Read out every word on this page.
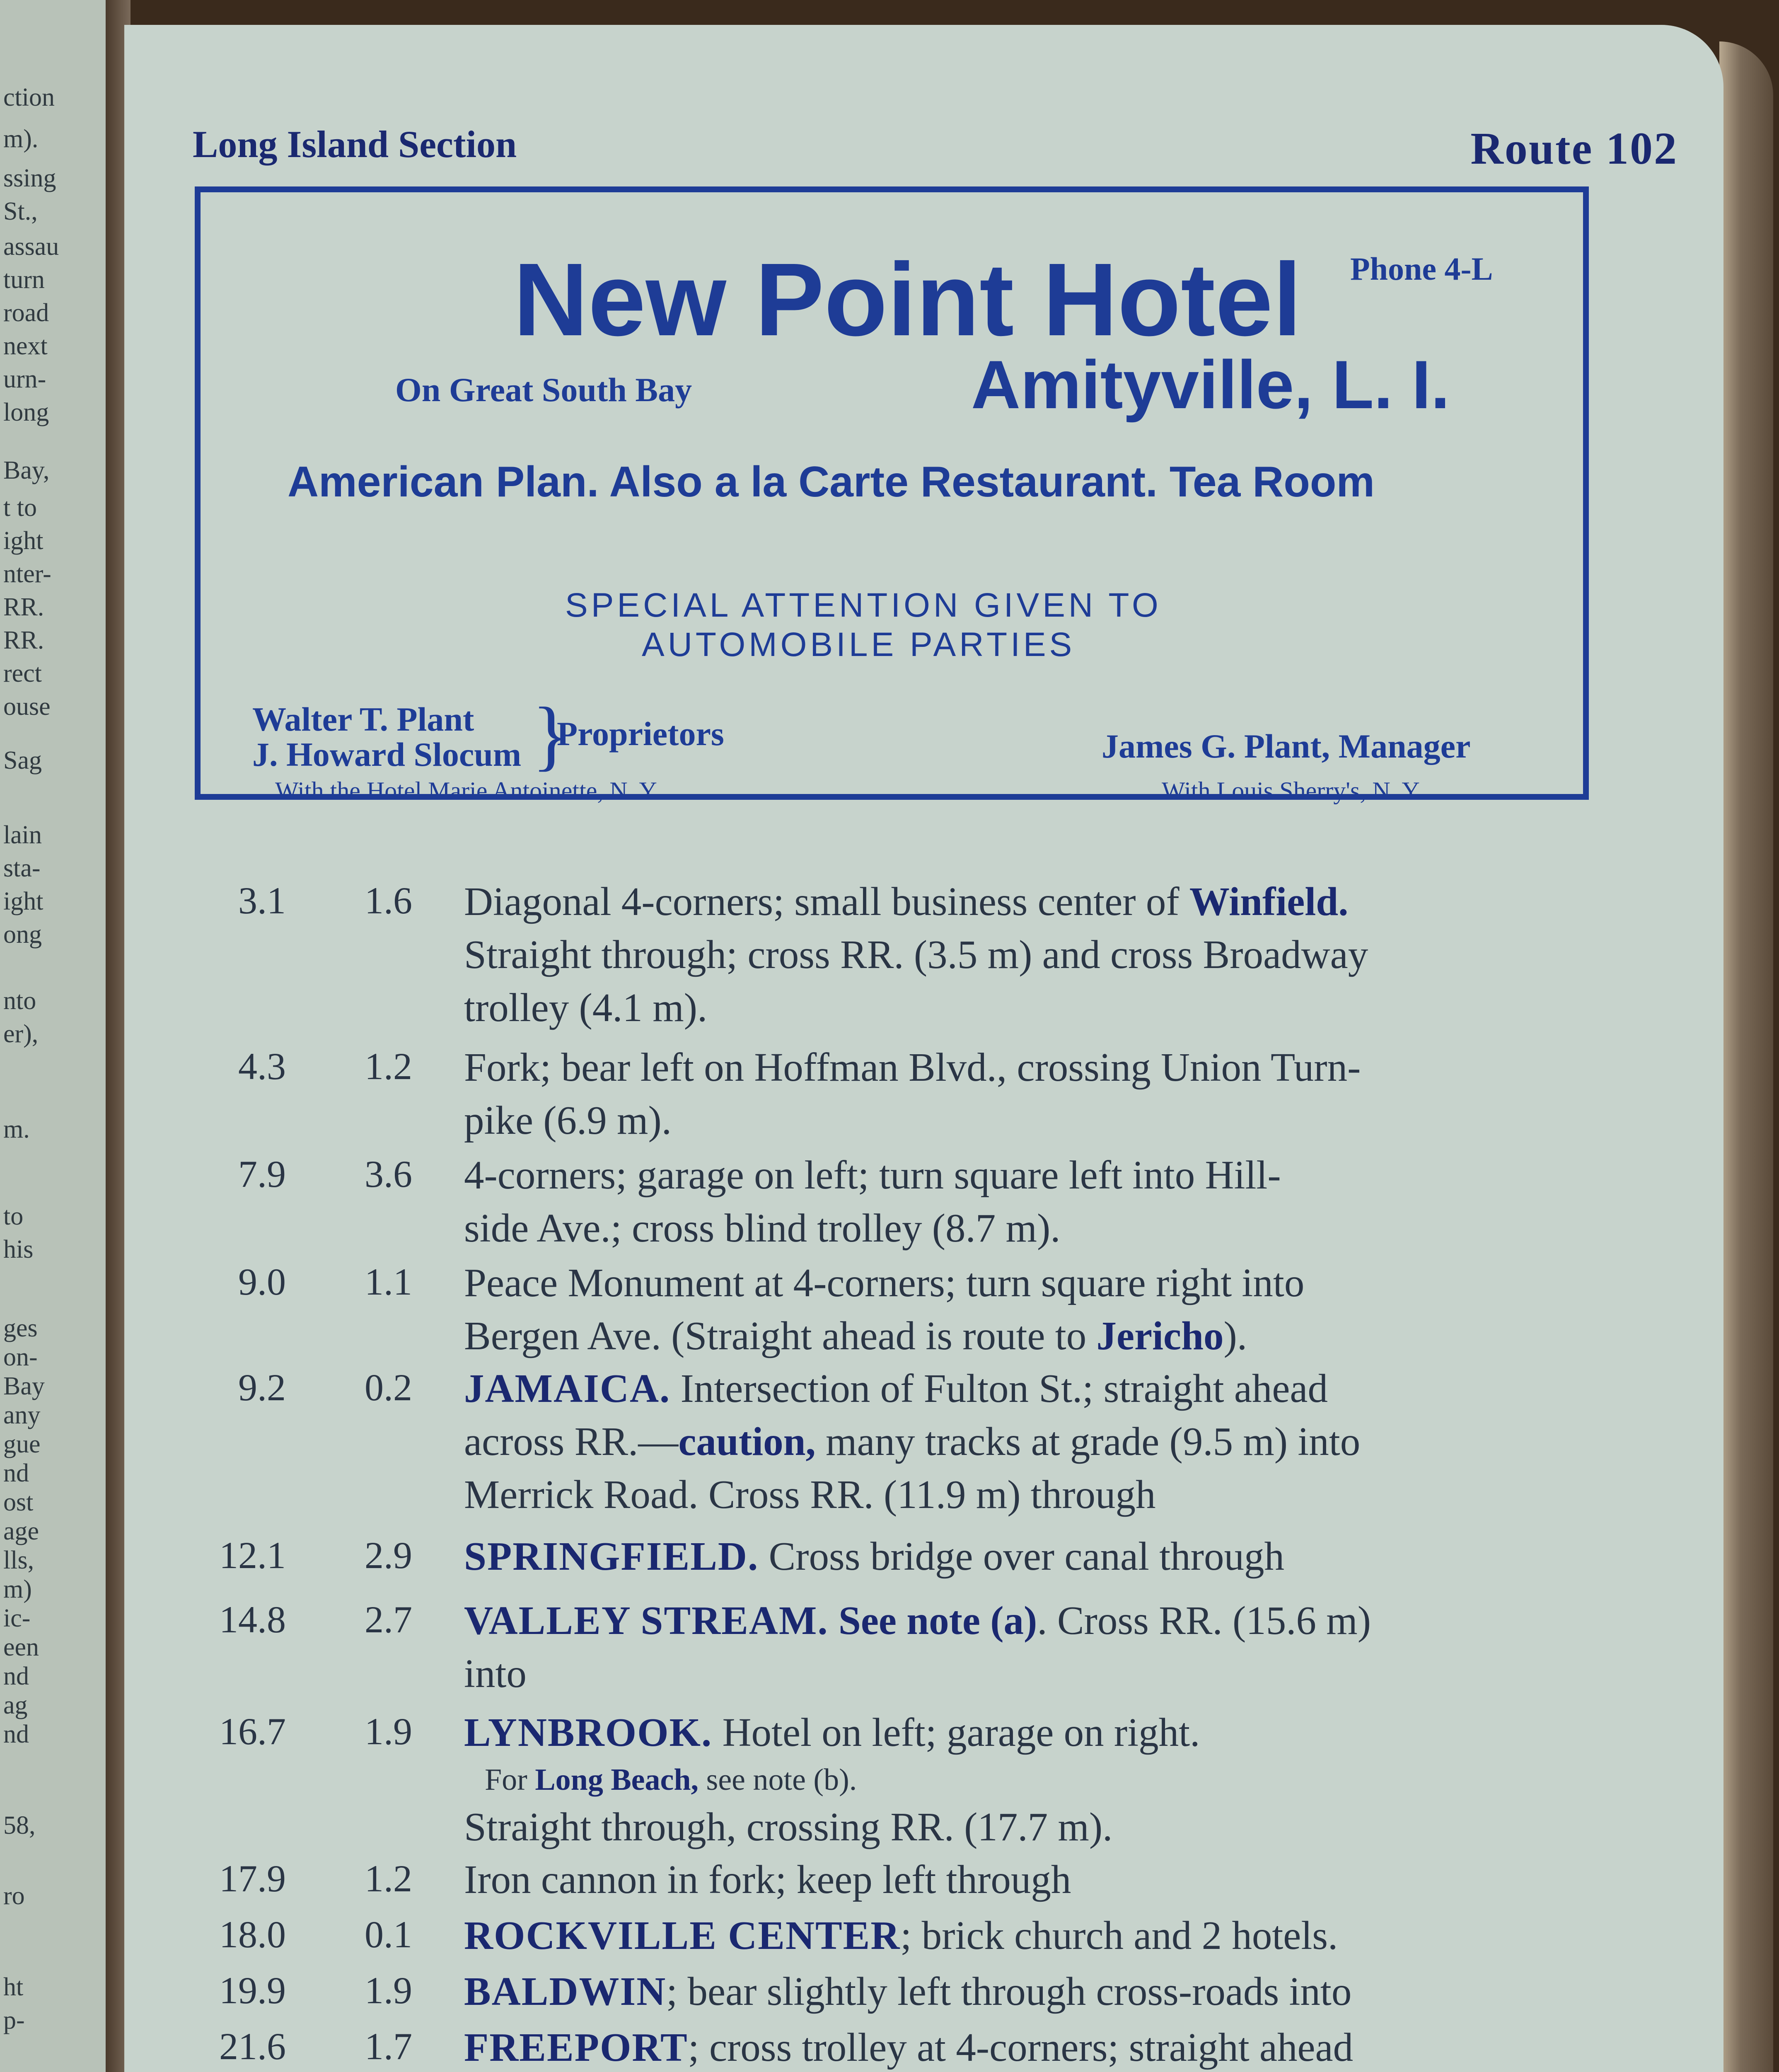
ction
m).
ssing
St.,
assau
turn
road
next
urn-
long
Bay,
t to
ight
nter-
RR.
RR.
rect
ouse
Sag
lain
sta-
ight
ong
nto
er),
m.
to
his
ges
on-
Bay
any
gue
nd
ost
age
lls,
m)
ic-
een
nd
ag
nd
58,
ro
ht
p-
Long Island Section	Route 102
New Point Hotel Phone 4-L
On Great South Bay	Amityville, L. I.
American Plan. Also a la Carte Restaurant. Tea Room
SPECIAL ATTENTION GIVEN TO
AUTOMOBILE PARTIES
Walter T. Plant
J. Howard Slocum }
Proprietors
With the Hotel Marie Antoinette, N. Y.
James G. Plant, Manager
With Louis Sherry's, N. Y.
3.1 1.6 Diagonal 4-corners; small business center of Winfield.
Straight through; cross RR. (3.5 m) and cross Broadway
trolley (4.1 m).
4.3 1.2 Fork; bear left on Hoffman Blvd., crossing Union Turn-
pike (6.9 m).
7.9 3.6 4-corners; garage on left; turn square left into Hill-
side Ave.; cross blind trolley (8.7 m).
9.0 1.1 Peace Monument at 4-corners; turn square right into
Bergen Ave. (Straight ahead is route to Jericho).
9.2 0.2 JAMAICA. Intersection of Fulton St.; straight ahead
across RR.—caution, many tracks at grade (9.5 m) into
Merrick Road. Cross RR. (11.9 m) through
12.1 2.9 SPRINGFIELD. Cross bridge over canal through
14.8 2.7 VALLEY STREAM. See note (a). Cross RR. (15.6 m)
into
16.7 1.9 LYNBROOK. Hotel on left; garage on right.
For Long Beach, see note (b).
Straight through, crossing RR. (17.7 m).
17.9 1.2 Iron cannon in fork; keep left through
18.0 0.1 ROCKVILLE CENTER; brick church and 2 hotels.
19.9 1.9 BALDWIN; bear slightly left through cross-roads into
21.6 1.7 FREEPORT; cross trolley at 4-corners; straight ahead
